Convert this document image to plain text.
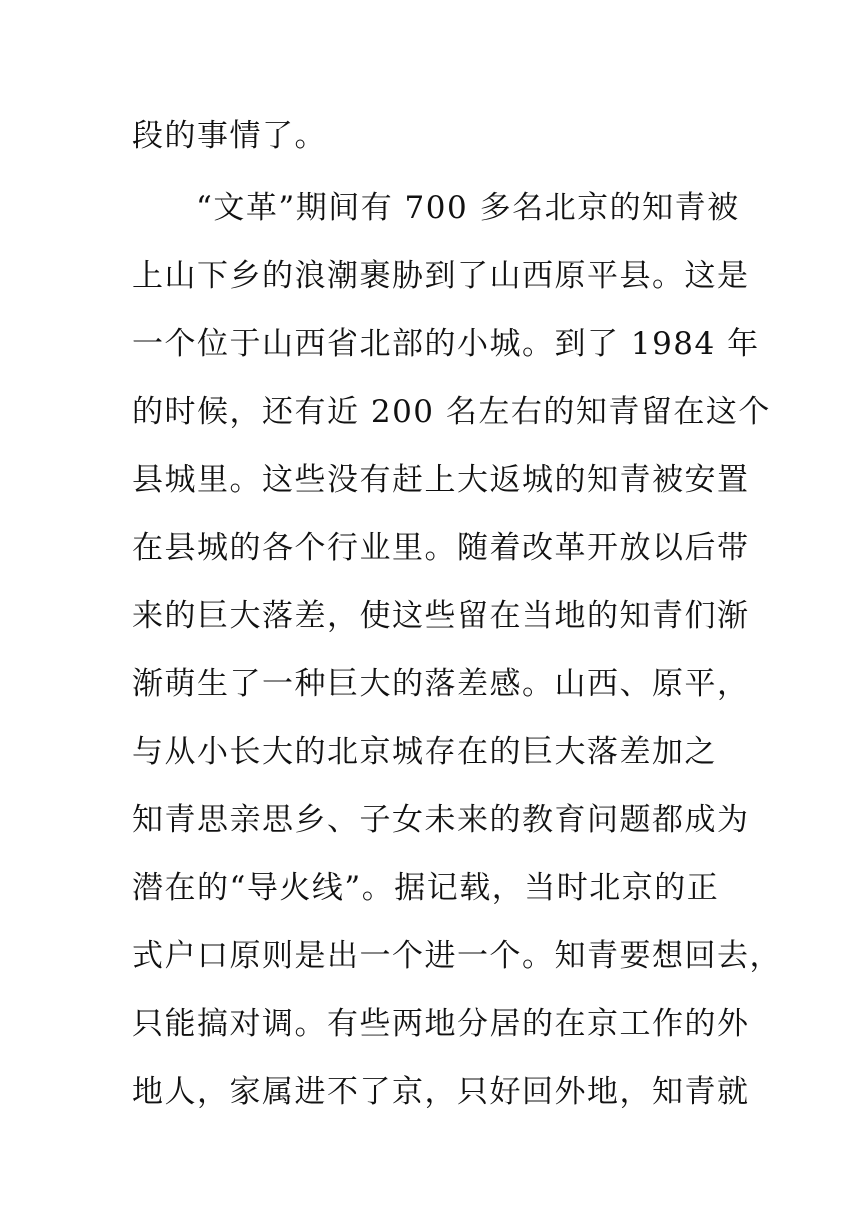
段的事情了。
“文革”期间有 700 多名北京的知青被
上山下乡的浪潮裹胁到了山西原平县。这是
一个位于山西省北部的小城。到了 1984 年
的时候，还有近 200 名左右的知青留在这个
县城里。这些没有赶上大返城的知青被安置
在县城的各个行业里。随着改革开放以后带
来的巨大落差，使这些留在当地的知青们渐
渐萌生了一种巨大的落差感。山西、原平，
与从小长大的北京城存在的巨大落差加之
知青思亲思乡、子女未来的教育问题都成为
潜在的“导火线”。据记载，当时北京的正
式户口原则是出一个进一个。知青要想回去，
只能搞对调。有些两地分居的在京工作的外
地人，家属进不了京，只好回外地，知青就
